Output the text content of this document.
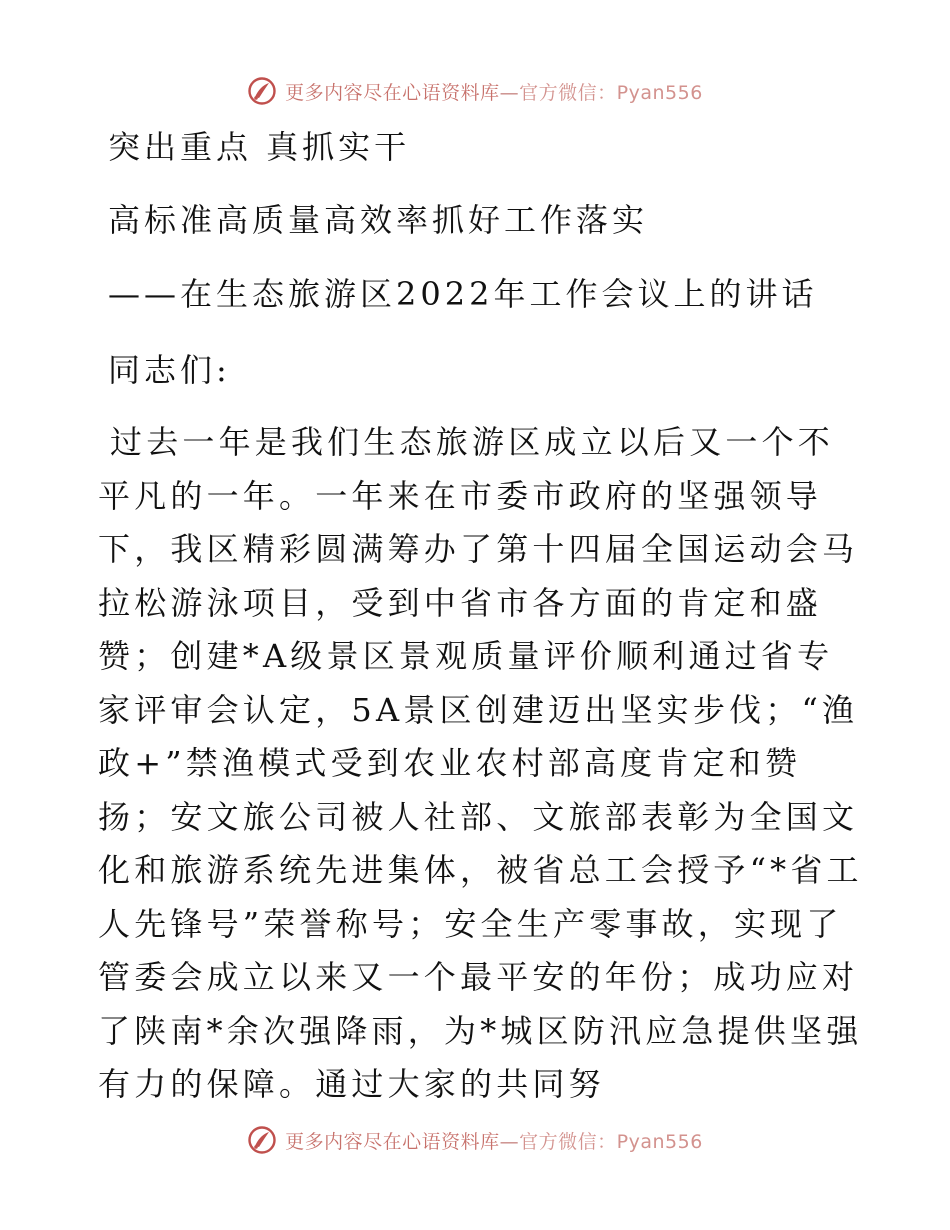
更多内容尽在心语资料库—官方微信：Pyan556
突出重点 真抓实干
高标准高质量高效率抓好工作落实
——在生态旅游区2022年工作会议上的讲话
同志们:
过去一年是我们生态旅游区成立以后又一个不平凡的一年。一年来在市委市政府的坚强领导下，我区精彩圆满筹办了第十四届全国运动会马拉松游泳项目，受到中省市各方面的肯定和盛赞；创建*A级景区景观质量评价顺利通过省专家评审会认定，5A景区创建迈出坚实步伐；“渔政+”禁渔模式受到农业农村部高度肯定和赞扬；安文旅公司被人社部、文旅部表彰为全国文化和旅游系统先进集体，被省总工会授予“*省工人先锋号”荣誉称号；安全生产零事故，实现了管委会成立以来又一个最平安的年份；成功应对了陕南*余次强降雨，为*城区防汛应急提供坚强有力的保障。通过大家的共同努
更多内容尽在心语资料库—官方微信：Pyan556
